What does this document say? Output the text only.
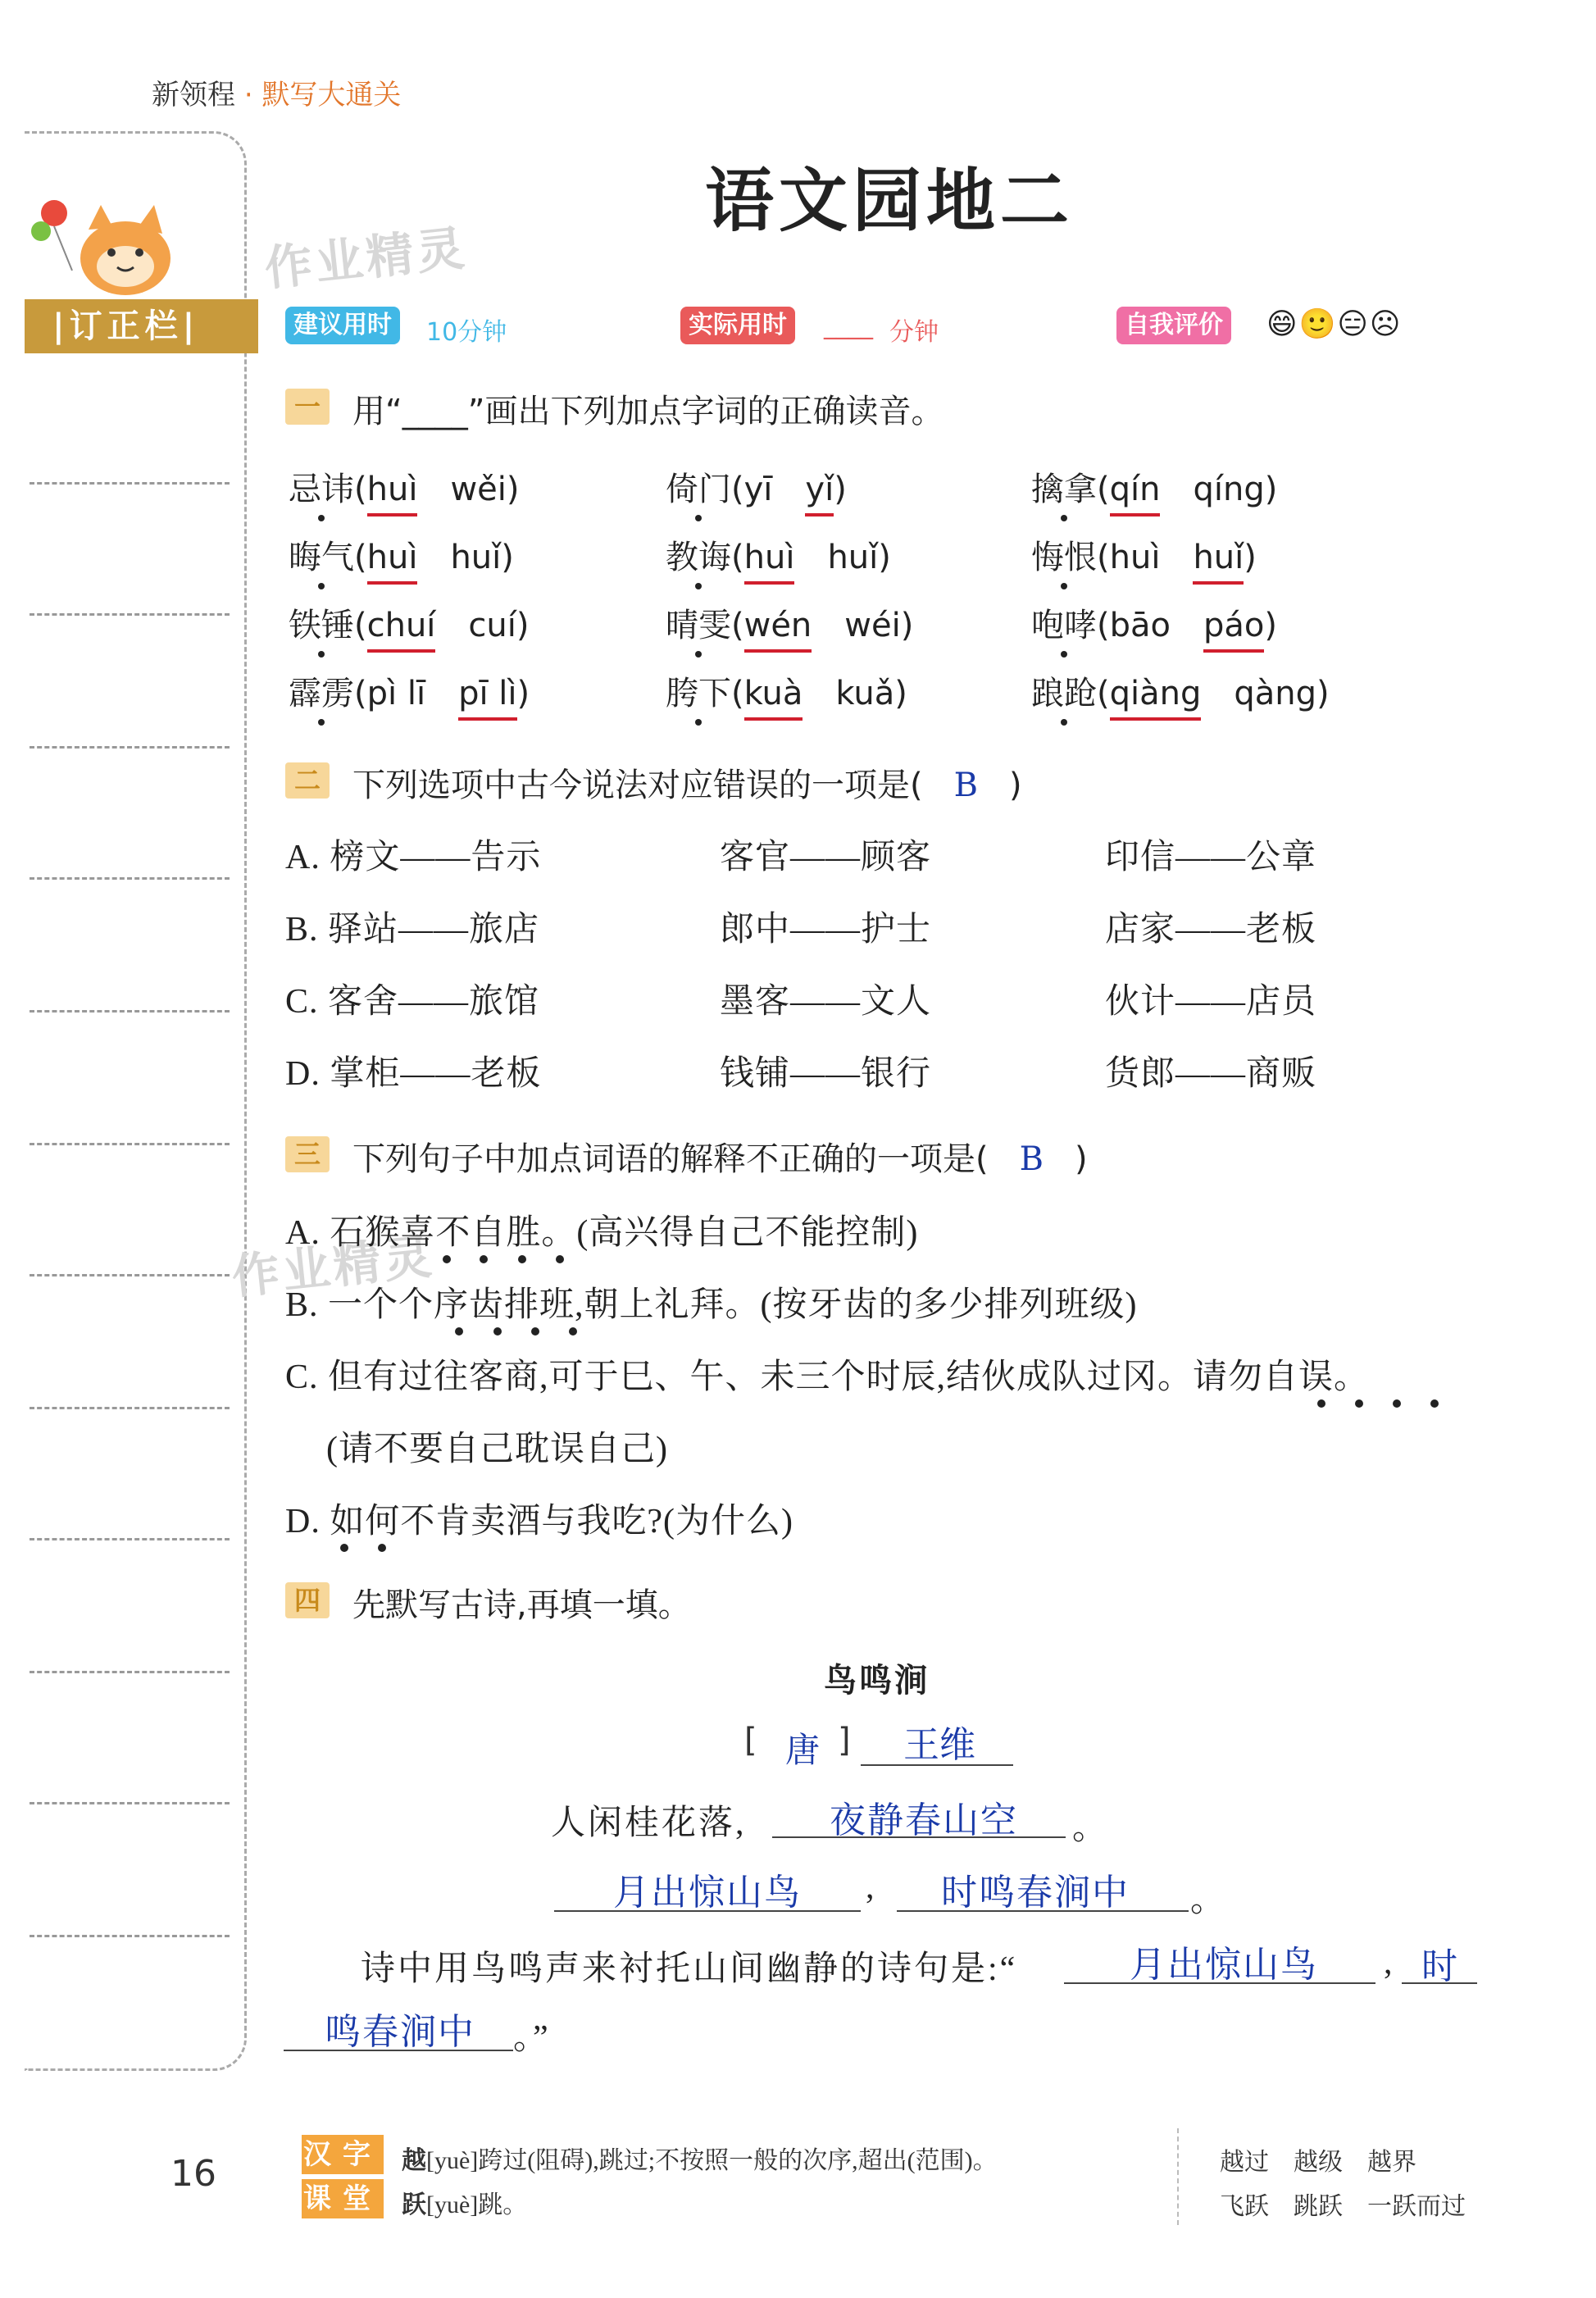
新领程 · 默写大通关
|订正栏|
作业精灵
作业精灵
语文园地二
建议用时	10分钟	实际用时	____ 分钟	自我评价 😄🙂😑☹
一 用“____”画出下列加点字词的正确读音。
忌讳(huì wěi)	倚门(yī yǐ)	擒拿(qín qíng)
晦气(huì huǐ)	教诲(huì huǐ)	悔恨(huì huǐ)
铁锤(chuí cuí)	晴雯(wén wéi)	咆哮(bāo páo)
霹雳(pì lī pī lì)	胯下(kuà kuǎ)	踉跄(qiàng qàng)
二 下列选项中古今说法对应错误的一项是( B )
A. 榜文——告示	客官——顾客	印信——公章
B. 驿站——旅店	郎中——护士	店家——老板
C. 客舍——旅馆	墨客——文人	伙计——店员
D. 掌柜——老板	钱铺——银行	货郎——商贩
三 下列句子中加点词语的解释不正确的一项是( B )
A. 石猴喜不自胜。(高兴得自己不能控制)
B. 一个个序齿排班,朝上礼拜。(按牙齿的多少排列班级)
C. 但有过往客商,可于巳、午、未三个时辰,结伙成队过冈。请勿自误。
(请不要自己耽误自己)
D. 如何不肯卖酒与我吃?(为什么)
四 先默写古诗,再填一填。
鸟鸣涧
[ 唐 ] 王维
人闲桂花落, 夜静春山空 。
月出惊山鸟 , 时鸣春涧中 。
诗中用鸟鸣声来衬托山间幽静的诗句是:“	月出惊山鸟 , 时
鸣春涧中 。”
16	汉字
课堂
越[yuè]跨过(阻碍),跳过;不按照一般的次序,超出(范围)。
跃[yuè]跳。
越过 越级 越界
飞跃 跳跃 一跃而过
